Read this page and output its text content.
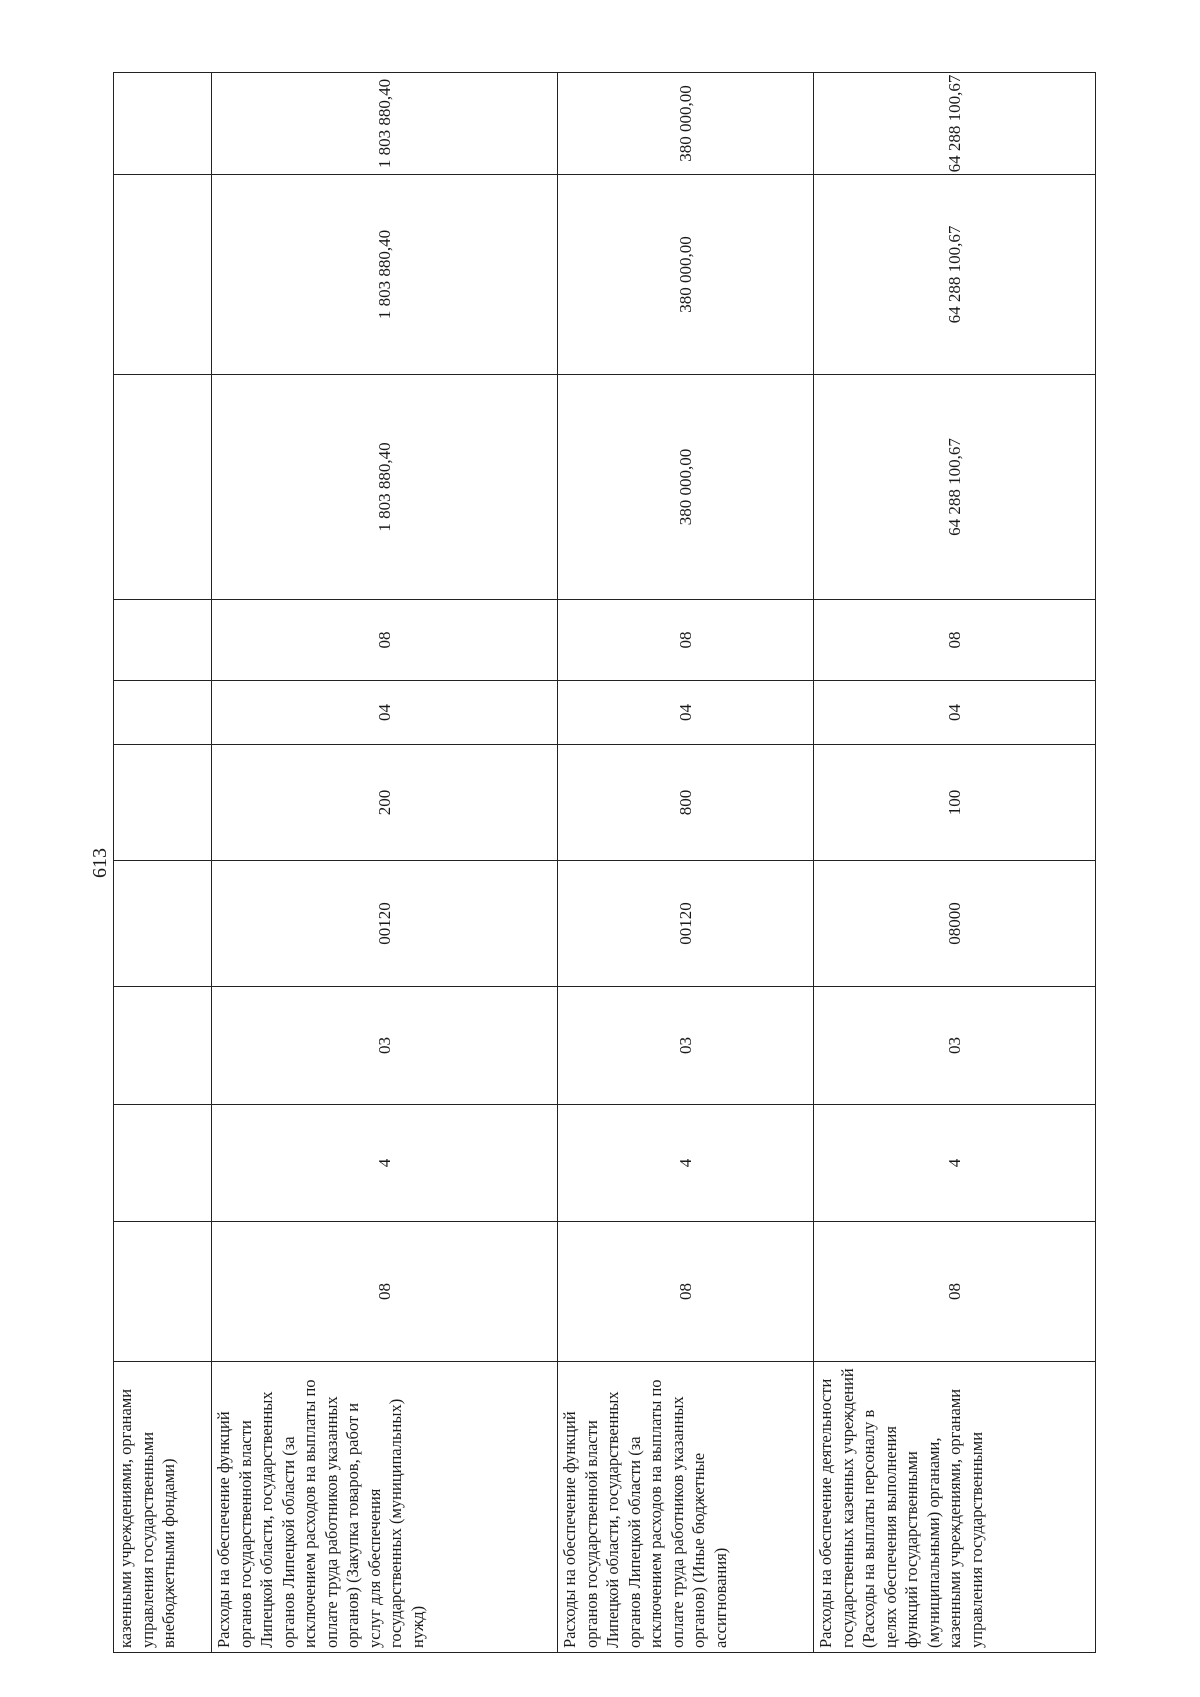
613
казенными учреждениями, органами управления государственными внебюджетными фондами)										
Расходы на обеспечение функций органов государственной власти Липецкой области, государственных органов Липецкой области (за исключением расходов на выплаты по оплате труда работников указанных органов) (Закупка товаров, работ и услуг для обеспечения государственных (муниципальных) нужд)	08	4	03	00120	200	04	08	1 803 880,40	1 803 880,40	1 803 880,40
Расходы на обеспечение функций органов государственной власти Липецкой области, государственных органов Липецкой области (за исключением расходов на выплаты по оплате труда работников указанных органов) (Иные бюджетные ассигнования)	08	4	03	00120	800	04	08	380 000,00	380 000,00	380 000,00
Расходы на обеспечение деятельности государственных казенных учреждений (Расходы на выплаты персоналу в целях обеспечения выполнения функций государственными (муниципальными) органами, казенными учреждениями, органами управления государственными	08	4	03	08000	100	04	08	64 288 100,67	64 288 100,67	64 288 100,67
